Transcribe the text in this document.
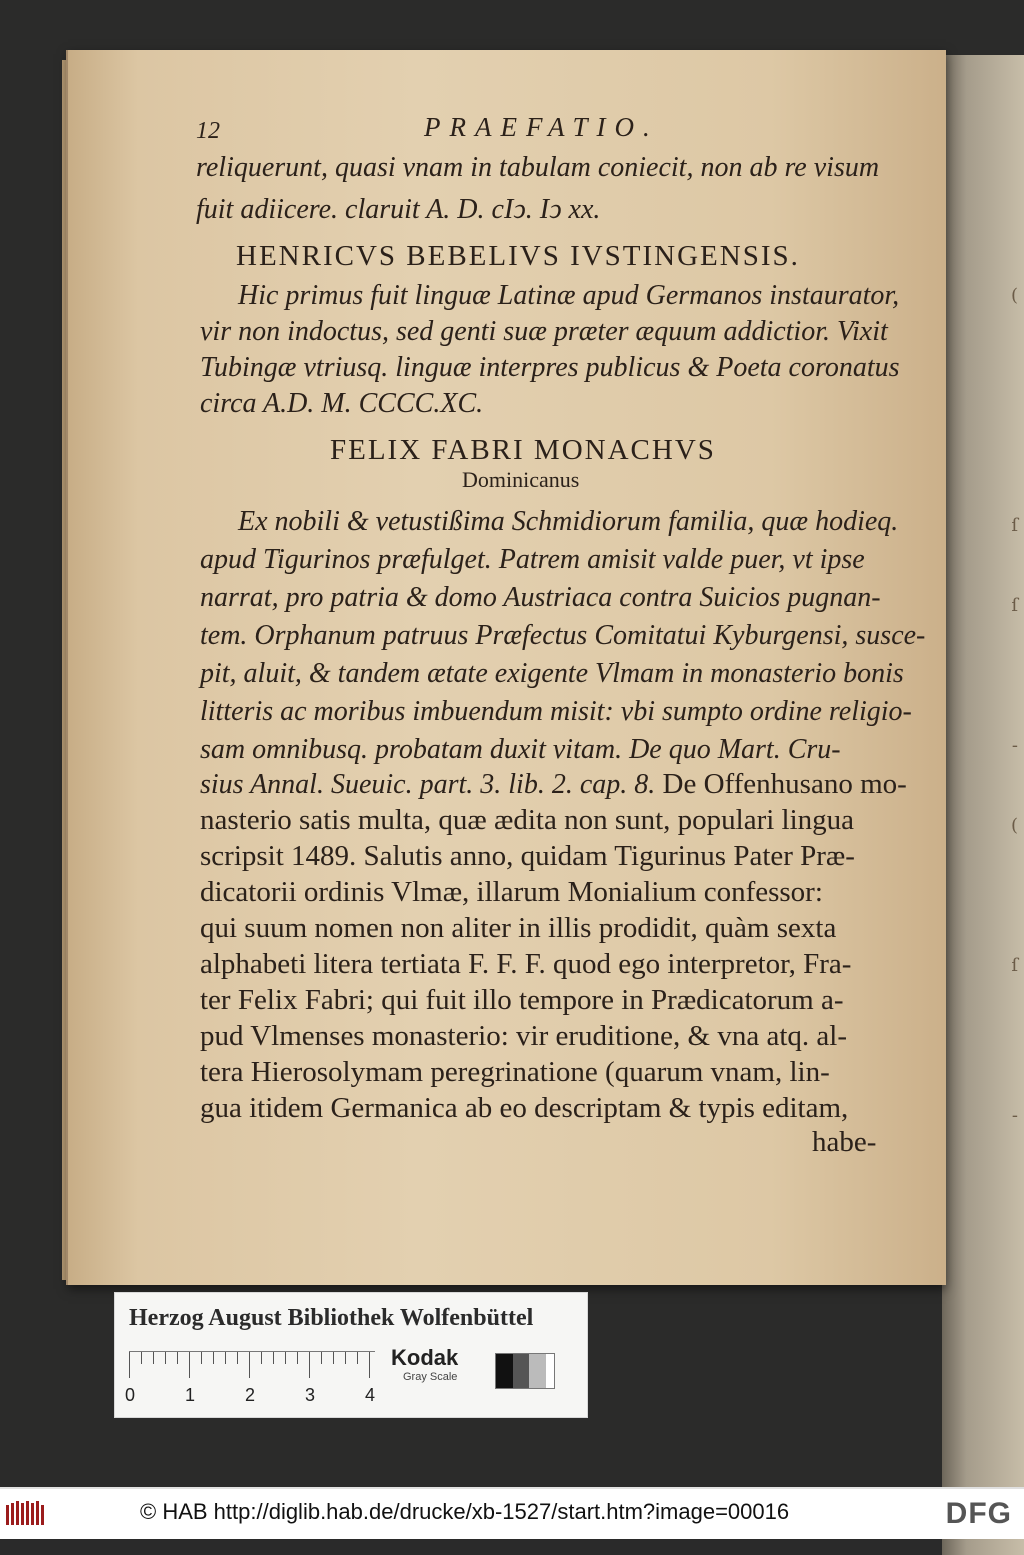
(
ſ
ſ
-
(
ſ
-
12	PRAEFATIO.
reliquerunt, quasi vnam in tabulam coniecit, non ab re visum
fuit adiicere. claruit A. D. cIↄ. Iↄ xx.
HENRICVS BEBELIVS IVSTINGENSIS.
Hic primus fuit linguæ Latinæ apud Germanos instaurator,
vir non indoctus, sed genti suæ præter æquum addictior. Vixit
Tubingæ vtriusq. linguæ interpres publicus & Poeta coronatus
circa A.D. M. CCCC.XC.
FELIX FABRI MONACHVS
Dominicanus
Ex nobili & vetustißima Schmidiorum familia, quæ hodieq.
apud Tigurinos præfulget. Patrem amisit valde puer, vt ipse
narrat, pro patria & domo Austriaca contra Suicios pugnan-
tem. Orphanum patruus Præfectus Comitatui Kyburgensi, susce-
pit, aluit, & tandem ætate exigente Vlmam in monasterio bonis
litteris ac moribus imbuendum misit: vbi sumpto ordine religio-
sam omnibusq. probatam duxit vitam. De quo Mart. Cru-
sius Annal. Sueuic. part. 3. lib. 2. cap. 8. De Offenhusano mo-
nasterio satis multa, quæ ædita non sunt, populari lingua
scripsit 1489. Salutis anno, quidam Tigurinus Pater Præ-
dicatorii ordinis Vlmæ, illarum Monialium confessor:
qui suum nomen non aliter in illis prodidit, quàm sexta
alphabeti litera tertiata F. F. F. quod ego interpretor, Fra-
ter Felix Fabri; qui fuit illo tempore in Prædicatorum a-
pud Vlmenses monasterio: vir eruditione, & vna atq. al-
tera Hierosolymam peregrinatione (quarum vnam, lin-
gua itidem Germanica ab eo descriptam & typis editam,
habe-
Herzog August Bibliothek Wolfenbüttel
0	1	2	3	4
Kodak
Gray Scale
© HAB http://diglib.hab.de/drucke/xb-1527/start.htm?image=00016	DFG
